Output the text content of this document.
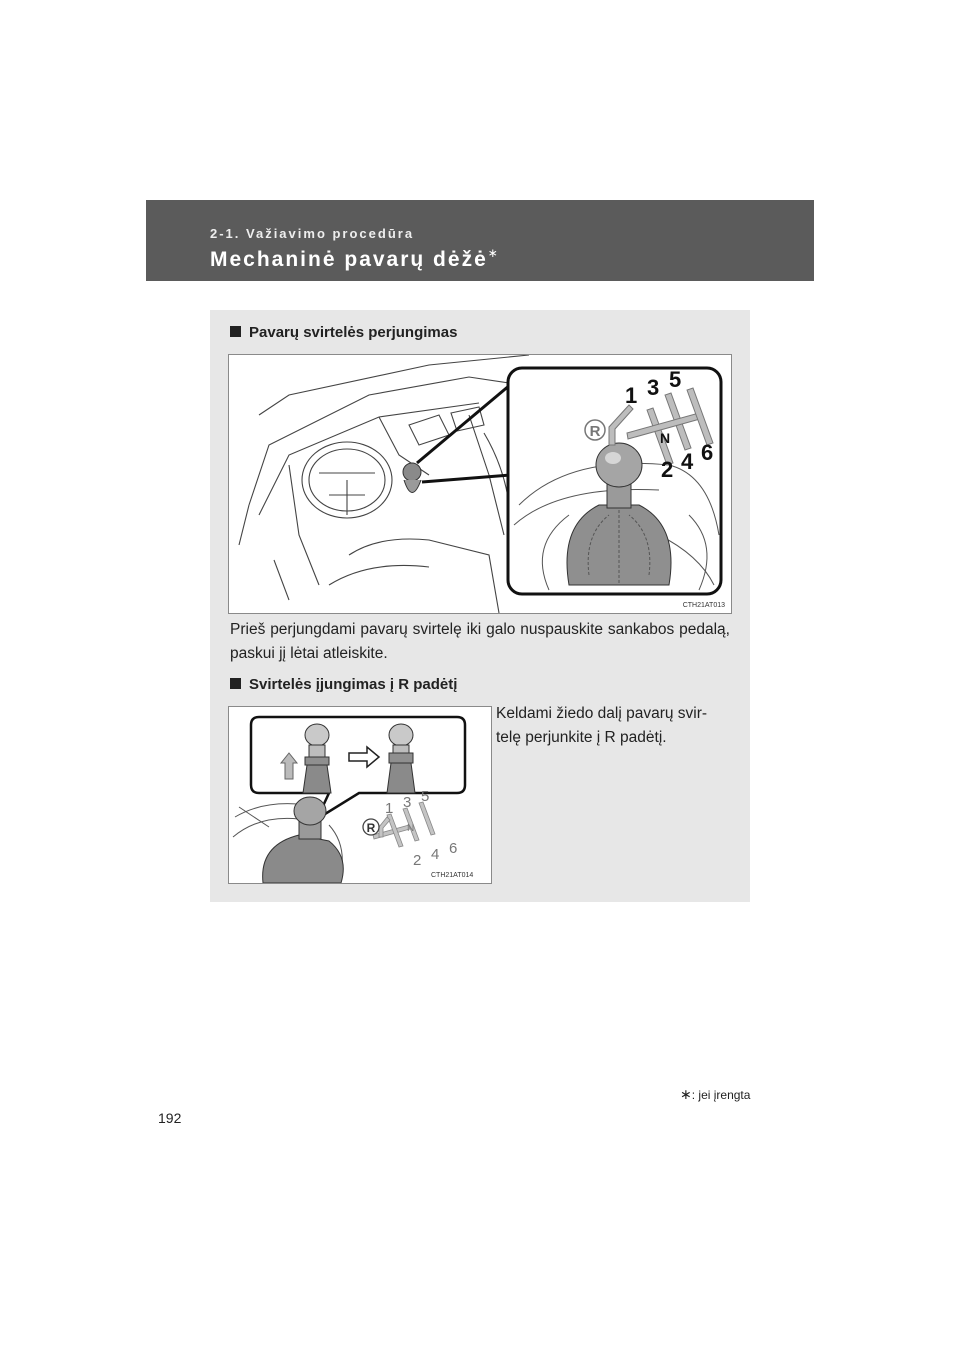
2-1. Važiavimo procedūra
Mechaninė pavarų dėžė∗
Pavarų svirtelės perjungimas
R
1 3 5
N
2 4 6
CTH21AT013
Prieš perjungdami pavarų svirtelę iki galo nuspauskite sankabos pedalą, paskui jį lėtai atleiskite.
Svirtelės įjungimas į R padėtį
R
1 3 5
N
2 4 6
CTH21AT014
Keldami žiedo dalį pavarų svir-telę perjunkite į R padėtį.
∗: jei įrengta
192
